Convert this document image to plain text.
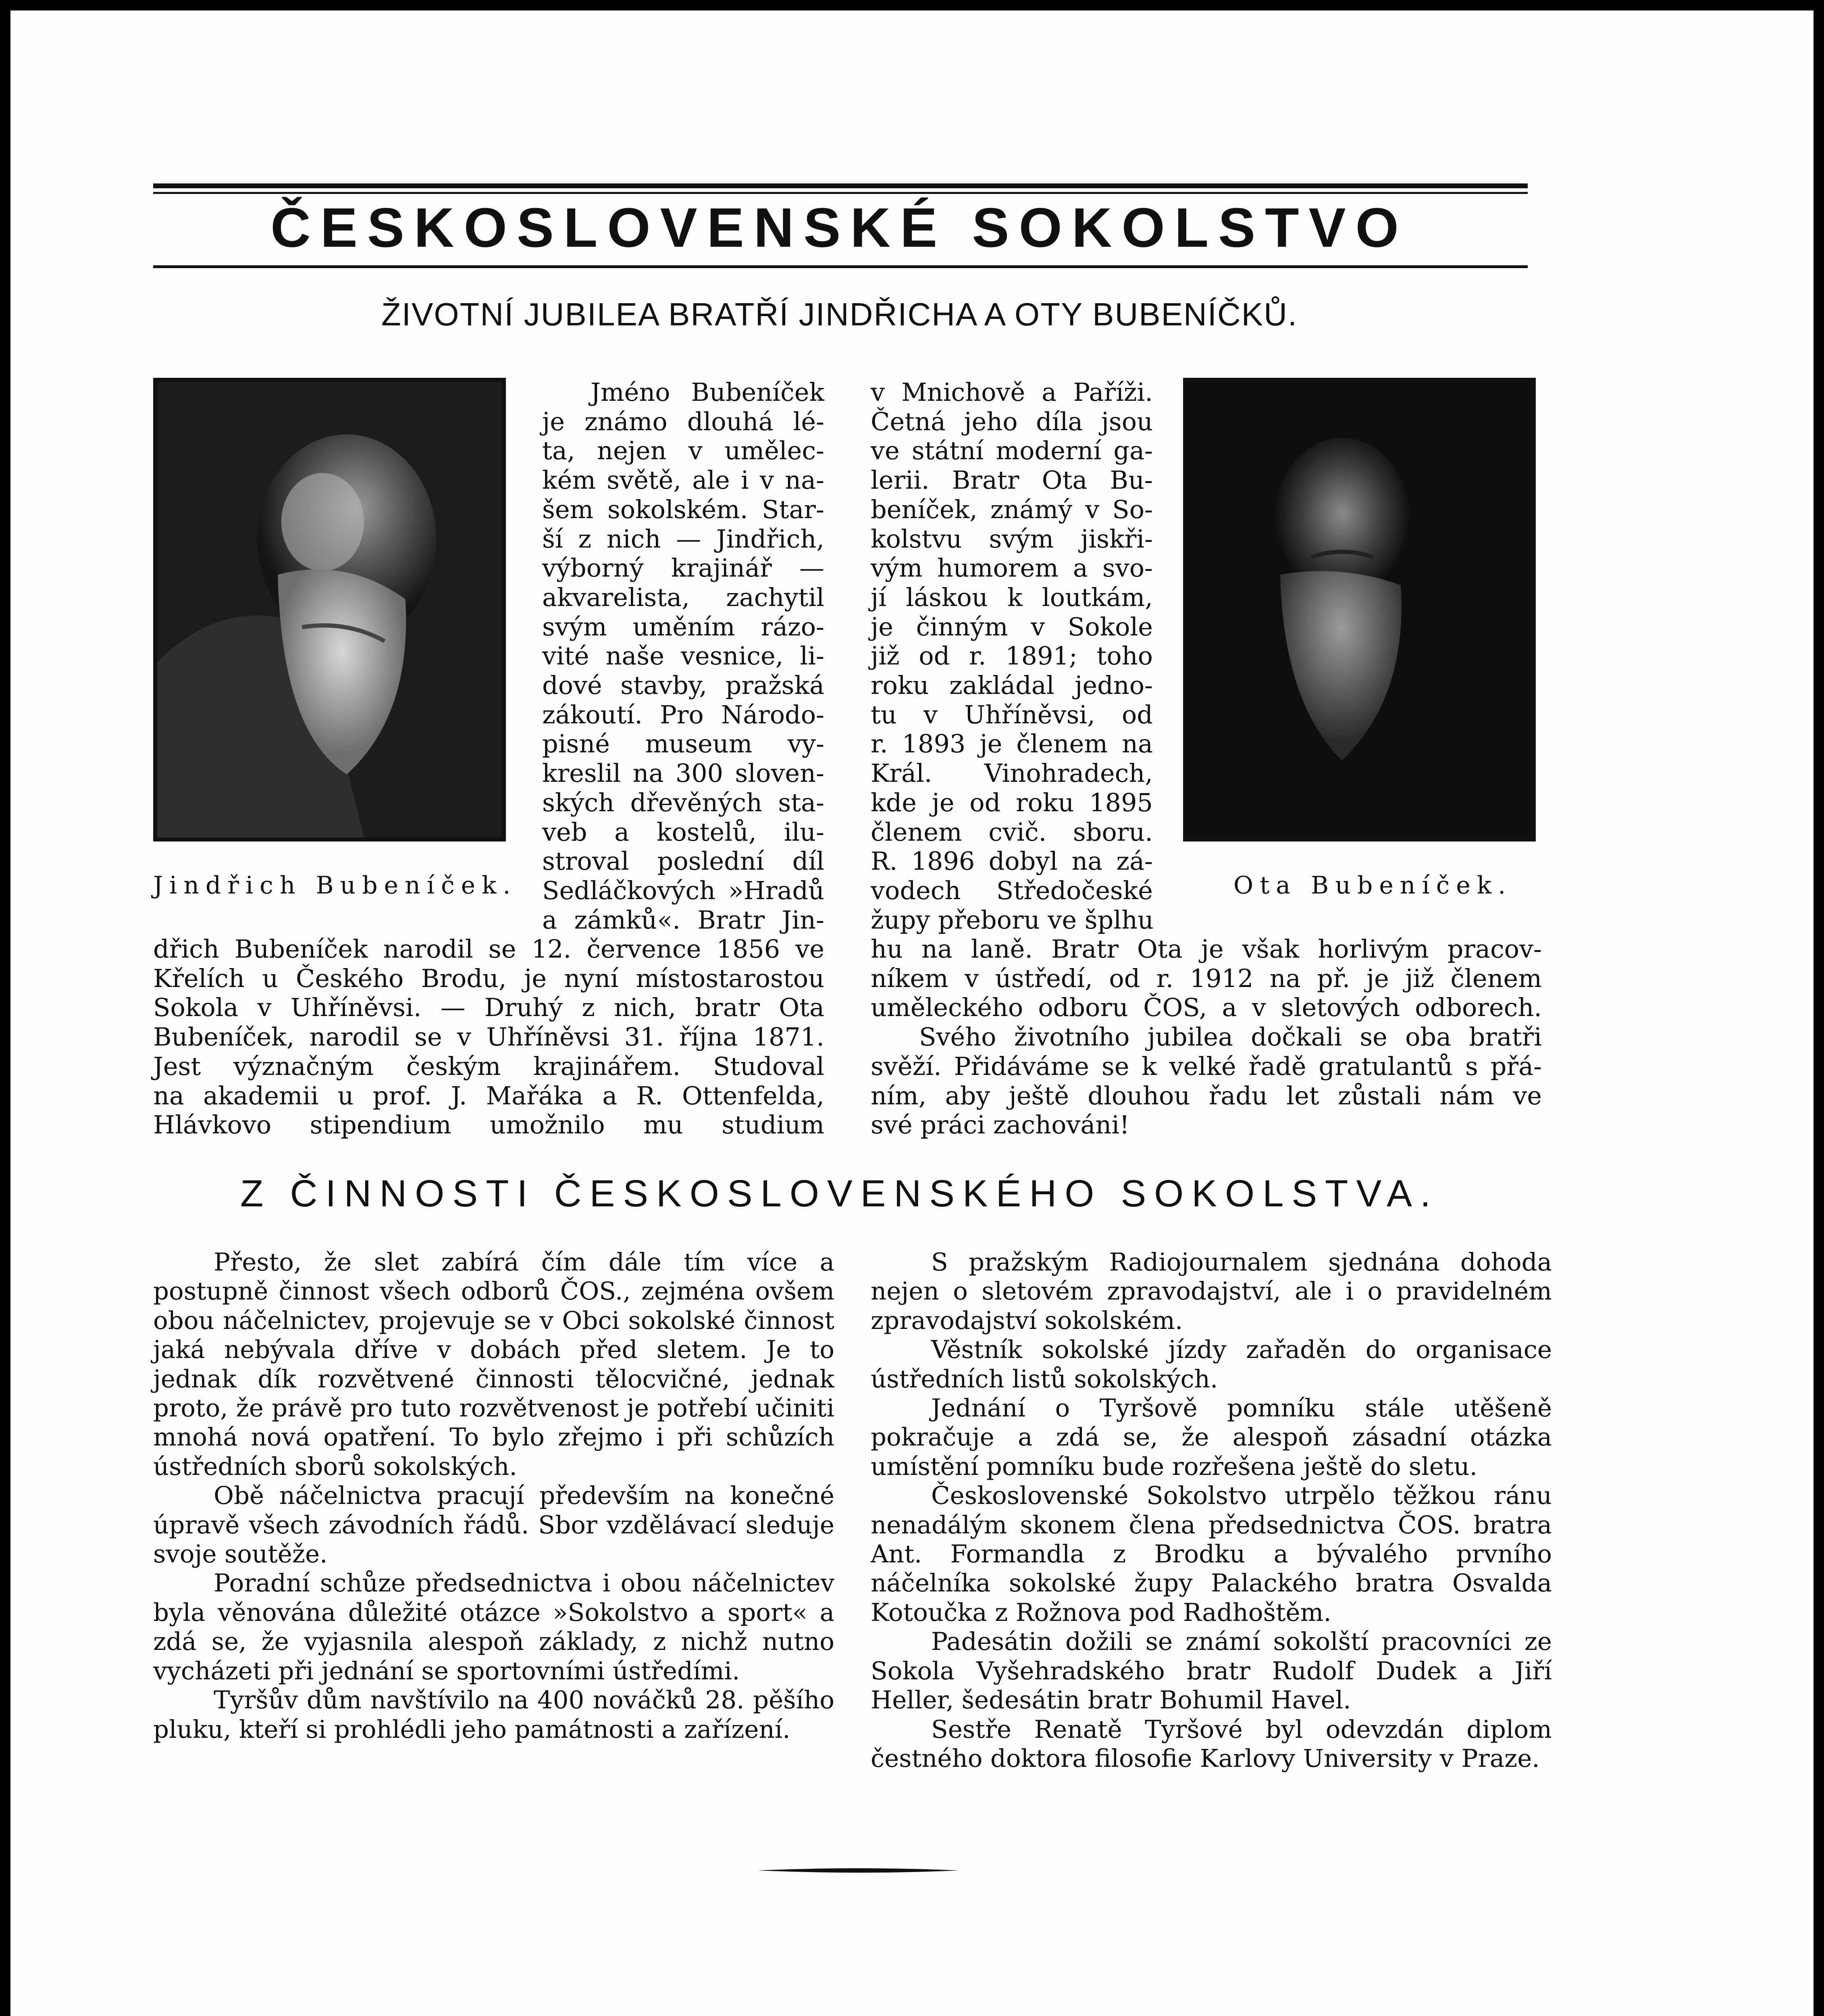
ČESKOSLOVENSKÉ SOKOLSTVO
ŽIVOTNÍ JUBILEA BRATŘÍ JINDŘICHA A OTY BUBENÍČKŮ.
Jindřich Bubeníček.	Ota Bubeníček.
Jméno Bubeníček
je známo dlouhá lé-
ta, nejen v umělec-
kém světě, ale i v na-
šem sokolském. Star-
ší z nich — Jindřich,
výborný krajinář —
akvarelista, zachytil
svým uměním rázo-
vité naše vesnice, li-
dové stavby, pražská
zákoutí. Pro Národo-
pisné museum vy-
kreslil na 300 sloven-
ských dřevěných sta-
veb a kostelů, ilu-
stroval poslední díl
Sedláčkových »Hradů
a zámků«. Bratr Jin-
dřich Bubeníček narodil se 12. července 1856 ve
Křelích u Českého Brodu, je nyní místostarostou
Sokola v Uhříněvsi. — Druhý z nich, bratr Ota
Bubeníček, narodil se v Uhříněvsi 31. října 1871.
Jest význačným českým krajinářem. Studoval
na akademii u prof. J. Mařáka a R. Ottenfelda,
Hlávkovo stipendium umožnilo mu studium
v Mnichově a Paříži.
Četná jeho díla jsou
ve státní moderní ga-
lerii. Bratr Ota Bu-
beníček, známý v So-
kolstvu svým jiskři-
vým humorem a svo-
jí láskou k loutkám,
je činným v Sokole
již od r. 1891; toho
roku zakládal jedno-
tu v Uhříněvsi, od
r. 1893 je členem na
Král. Vinohradech,
kde je od roku 1895
členem cvič. sboru.
R. 1896 dobyl na zá-
vodech Středočeské
župy přeboru ve šplhu
hu na laně. Bratr Ota je však horlivým pracov-
níkem v ústředí, od r. 1912 na př. je již členem
uměleckého odboru ČOS, a v sletových odborech.
Svého životního jubilea dočkali se oba bratři
svěží. Přidáváme se k velké řadě gratulantů s přá-
ním, aby ještě dlouhou řadu let zůstali nám ve
své práci zachováni!
Z ČINNOSTI ČESKOSLOVENSKÉHO SOKOLSTVA.

Přesto, že slet zabírá čím dále tím více a postupně činnost všech odborů ČOS., zejména ovšem obou náčelnictev, projevuje se v Obci sokolské činnost jaká nebývala dříve v dobách před sletem. Je to jednak dík rozvětvené činnosti tělocvičné, jednak proto, že právě pro tuto rozvětvenost je potřebí učiniti mnohá nová opatření. To bylo zřejmo i při schůzích ústředních sborů sokolských.

Obě náčelnictva pracují především na konečné úpravě všech závodních řádů. Sbor vzdělávací sleduje svoje soutěže.

Poradní schůze předsednictva i obou náčelnictev byla věnována důležité otázce »Sokolstvo a sport« a zdá se, že vyjasnila alespoň základy, z nichž nutno vycházeti při jednání se sportovními ústředími.

Tyršův dům navštívilo na 400 nováčků 28. pěšího pluku, kteří si prohlédli jeho památnosti a zařízení.

S pražským Radiojournalem sjednána dohoda nejen o sletovém zpravodajství, ale i o pravidelném zpravodajství sokolském.

Věstník sokolské jízdy zařaděn do organisace ústředních listů sokolských.

Jednání o Tyršově pomníku stále utěšeně pokračuje a zdá se, že alespoň zásadní otázka umístění pomníku bude rozřešena ještě do sletu.

Československé Sokolstvo utrpělo těžkou ránu nenadálým skonem člena předsednictva ČOS. bratra Ant. Formandla z Brodku a bývalého prvního náčelníka sokolské župy Palackého bratra Osvalda Kotoučka z Rožnova pod Radhoštěm.

Padesátin dožili se známí sokolští pracovníci ze Sokola Vyšehradského bratr Rudolf Dudek a Jiří Heller, šedesátin bratr Bohumil Havel.

Sestře Renatě Tyršové byl odevzdán diplom čestného doktora filosofie Karlovy University v Praze.
